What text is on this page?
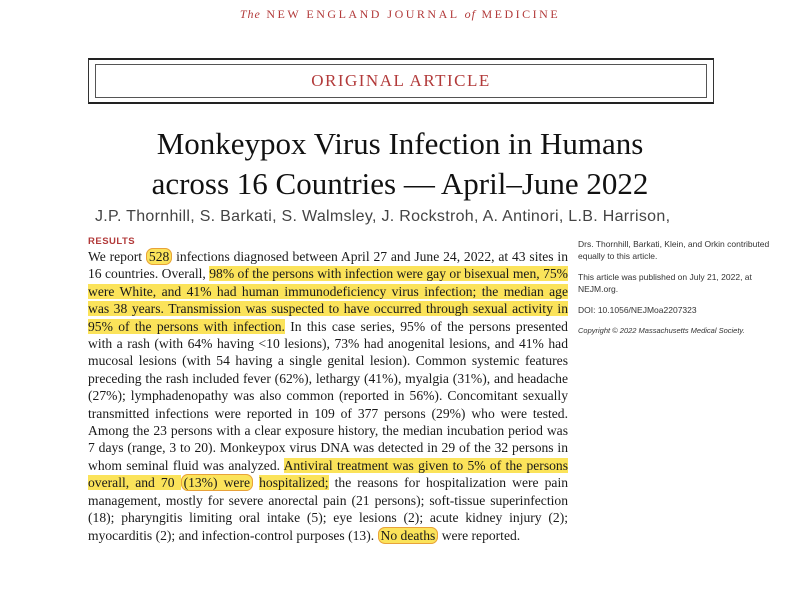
The NEW ENGLAND JOURNAL of MEDICINE
ORIGINAL ARTICLE
Monkeypox Virus Infection in Humans
across 16 Countries — April–June 2022
J.P. Thornhill, S. Barkati, S. Walmsley, J. Rockstroh, A. Antinori, L.B. Harrison,
RESULTS
We report 528 infections diagnosed between April 27 and June 24, 2022, at 43 sites in 16 countries. Overall, 98% of the persons with infection were gay or bisexual men, 75% were White, and 41% had human immunodeficiency virus infection; the median age was 38 years. Transmission was suspected to have occurred through sexual activity in 95% of the persons with infection. In this case series, 95% of the persons presented with a rash (with 64% having <10 lesions), 73% had anogenital lesions, and 41% had mucosal lesions (with 54 having a single genital lesion). Common systemic features preceding the rash included fever (62%), lethargy (41%), myalgia (31%), and headache (27%); lymphadenopathy was also common (reported in 56%). Concomitant sexually transmitted infections were reported in 109 of 377 persons (29%) who were tested. Among the 23 persons with a clear exposure history, the median incubation period was 7 days (range, 3 to 20). Monkeypox virus DNA was detected in 29 of the 32 persons in whom seminal fluid was analyzed. Antiviral treatment was given to 5% of the persons overall, and 70 (13%) were hospitalized; the reasons for hospitalization were pain management, mostly for severe anorectal pain (21 persons); soft-tissue superinfection (18); pharyngitis limiting oral intake (5); eye lesions (2); acute kidney injury (2); myocarditis (2); and infection-control purposes (13). No deaths were reported.

Drs. Thornhill, Barkati, Klein, and Orkin contributed equally to this article.

This article was published on July 21, 2022, at NEJM.org.

DOI: 10.1056/NEJMoa2207323

Copyright © 2022 Massachusetts Medical Society.
